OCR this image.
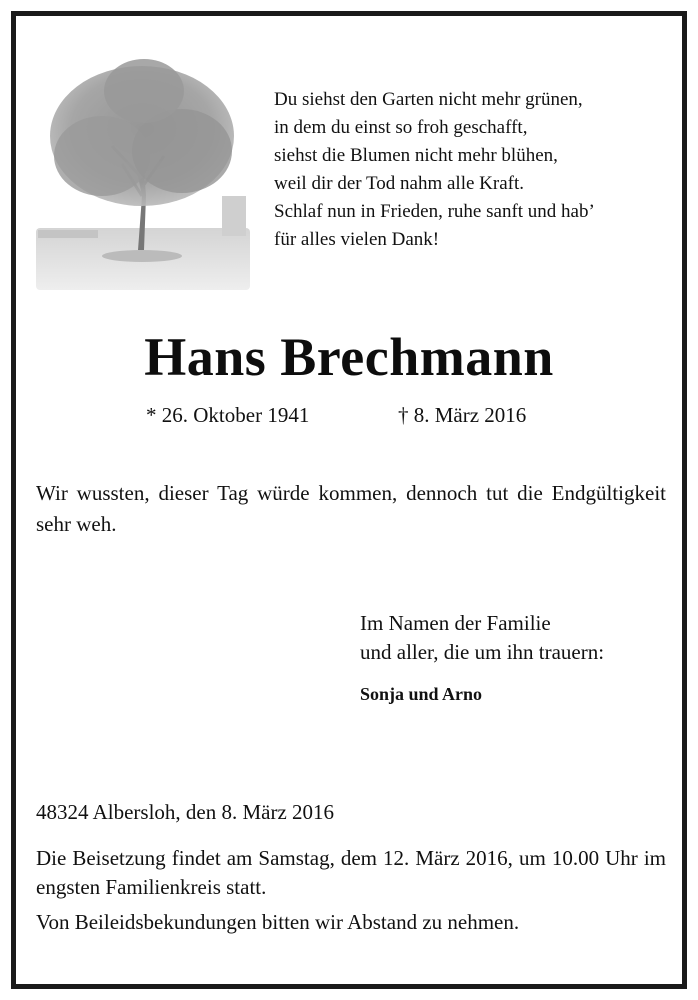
Du siehst den Garten nicht mehr grünen,
in dem du einst so froh geschafft,
siehst die Blumen nicht mehr blühen,
weil dir der Tod nahm alle Kraft.
Schlaf nun in Frieden, ruhe sanft und hab’
für alles vielen Dank!
Hans Brechmann
* 26. Oktober 1941	† 8. März 2016
Wir wussten, dieser Tag würde kommen, dennoch tut die Endgültigkeit sehr weh.
Im Namen der Familie
und aller, die um ihn trauern:
Sonja und Arno
48324 Albersloh, den 8. März 2016
Die Beisetzung findet am Samstag, dem 12. März 2016, um 10.00 Uhr im engsten Familienkreis statt.
Von Beileidsbekundungen bitten wir Abstand zu nehmen.
